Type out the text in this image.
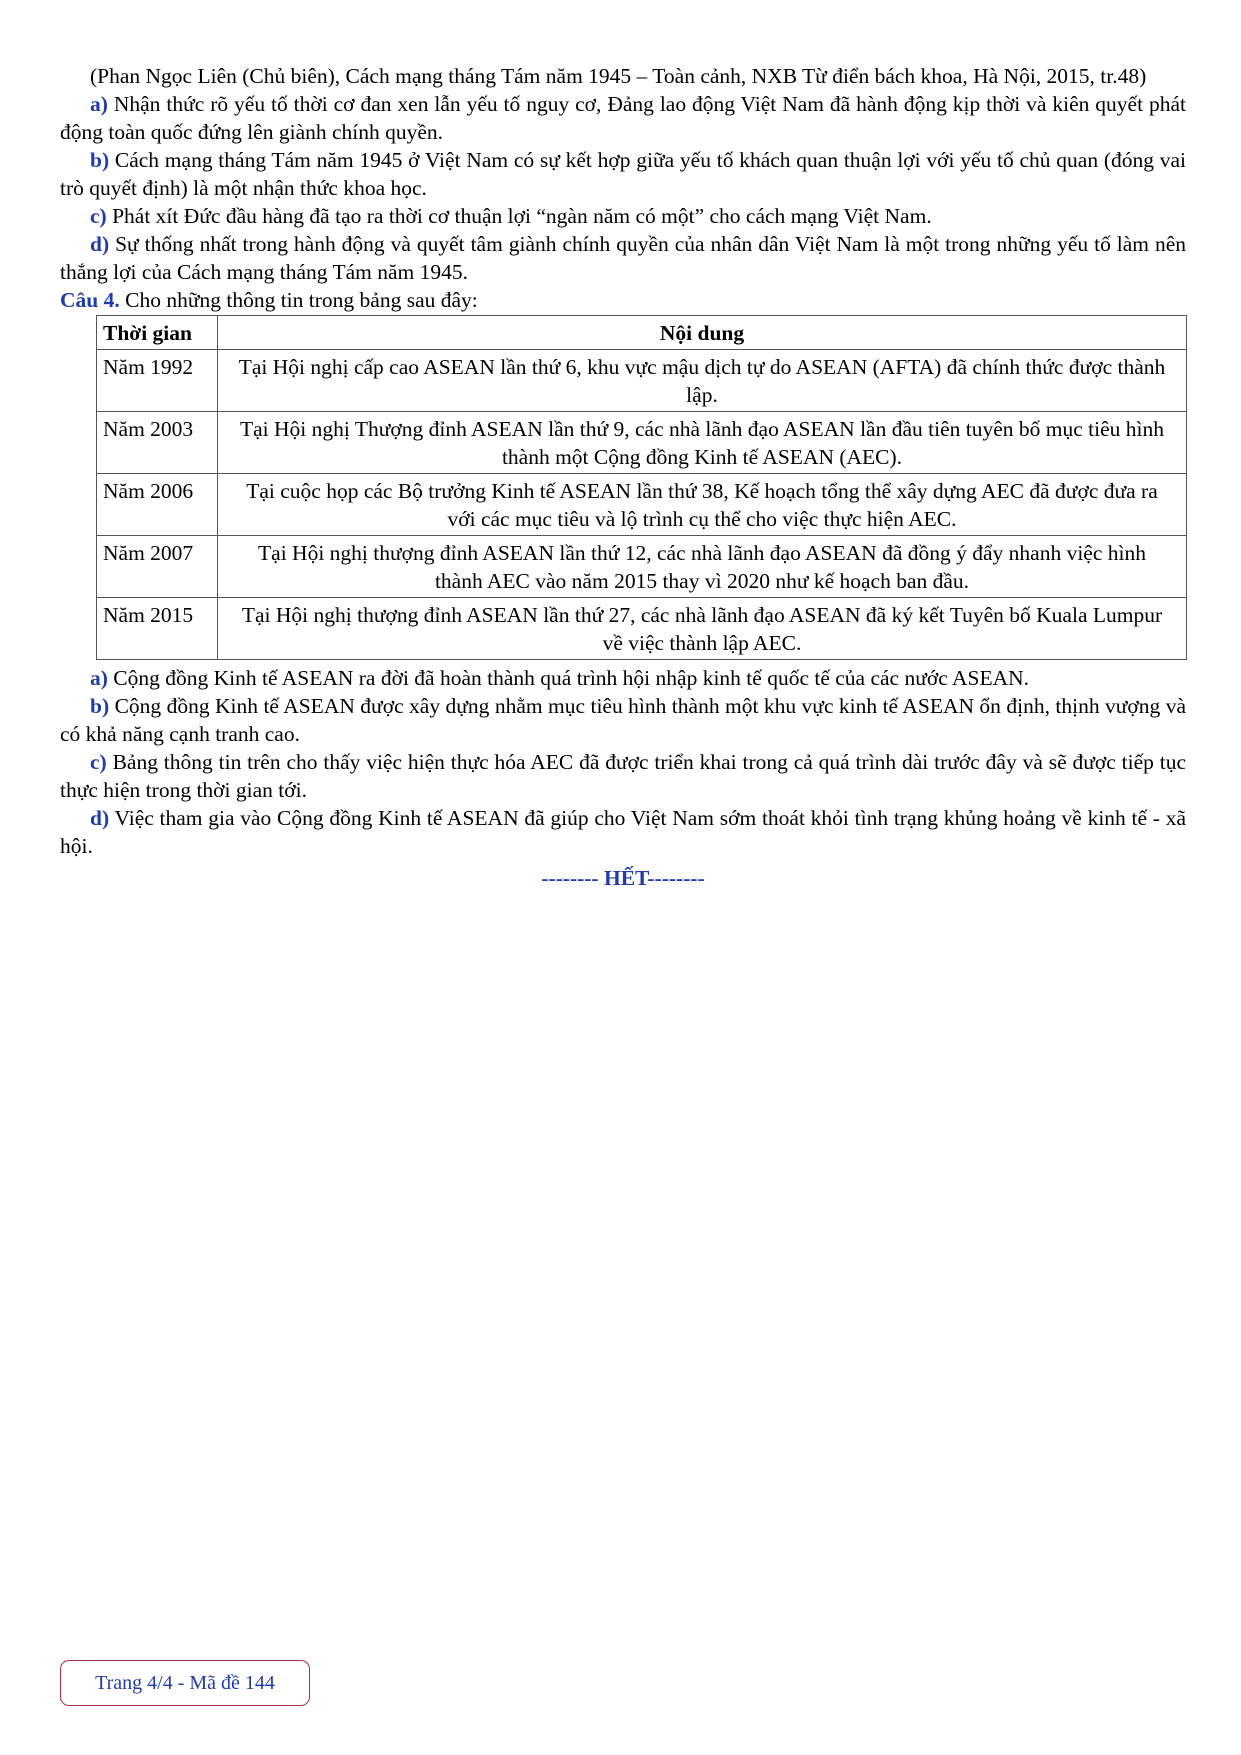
(Phan Ngọc Liên (Chủ biên), Cách mạng tháng Tám năm 1945 – Toàn cảnh, NXB Từ điển bách khoa, Hà Nội, 2015, tr.48)

a) Nhận thức rõ yếu tố thời cơ đan xen lẫn yếu tố nguy cơ, Đảng lao động Việt Nam đã hành động kịp thời và kiên quyết phát động toàn quốc đứng lên giành chính quyền.

b) Cách mạng tháng Tám năm 1945 ở Việt Nam có sự kết hợp giữa yếu tố khách quan thuận lợi với yếu tố chủ quan (đóng vai trò quyết định) là một nhận thức khoa học.

c) Phát xít Đức đầu hàng đã tạo ra thời cơ thuận lợi “ngàn năm có một” cho cách mạng Việt Nam.

d) Sự thống nhất trong hành động và quyết tâm giành chính quyền của nhân dân Việt Nam là một trong những yếu tố làm nên thắng lợi của Cách mạng tháng Tám năm 1945.

Câu 4. Cho những thông tin trong bảng sau đây:

Thời gian	Nội dung
Năm 1992	Tại Hội nghị cấp cao ASEAN lần thứ 6, khu vực mậu dịch tự do ASEAN (AFTA) đã chính thức được thành lập.
Năm 2003	Tại Hội nghị Thượng đỉnh ASEAN lần thứ 9, các nhà lãnh đạo ASEAN lần đầu tiên tuyên bố mục tiêu hình thành một Cộng đồng Kinh tế ASEAN (AEC).
Năm 2006	Tại cuộc họp các Bộ trưởng Kinh tế ASEAN lần thứ 38, Kế hoạch tổng thể xây dựng AEC đã được đưa ra với các mục tiêu và lộ trình cụ thể cho việc thực hiện AEC.
Năm 2007	Tại Hội nghị thượng đỉnh ASEAN lần thứ 12, các nhà lãnh đạo ASEAN đã đồng ý đẩy nhanh việc hình thành AEC vào năm 2015 thay vì 2020 như kế hoạch ban đầu.
Năm 2015	Tại Hội nghị thượng đỉnh ASEAN lần thứ 27, các nhà lãnh đạo ASEAN đã ký kết Tuyên bố Kuala Lumpur về việc thành lập AEC.

a) Cộng đồng Kinh tế ASEAN ra đời đã hoàn thành quá trình hội nhập kinh tế quốc tế của các nước ASEAN.

b) Cộng đồng Kinh tế ASEAN được xây dựng nhằm mục tiêu hình thành một khu vực kinh tế ASEAN ổn định, thịnh vượng và có khả năng cạnh tranh cao.

c) Bảng thông tin trên cho thấy việc hiện thực hóa AEC đã được triển khai trong cả quá trình dài trước đây và sẽ được tiếp tục thực hiện trong thời gian tới.

d) Việc tham gia vào Cộng đồng Kinh tế ASEAN đã giúp cho Việt Nam sớm thoát khỏi tình trạng khủng hoảng về kinh tế - xã hội.

-------- HẾT--------
Trang 4/4 - Mã đề 144
